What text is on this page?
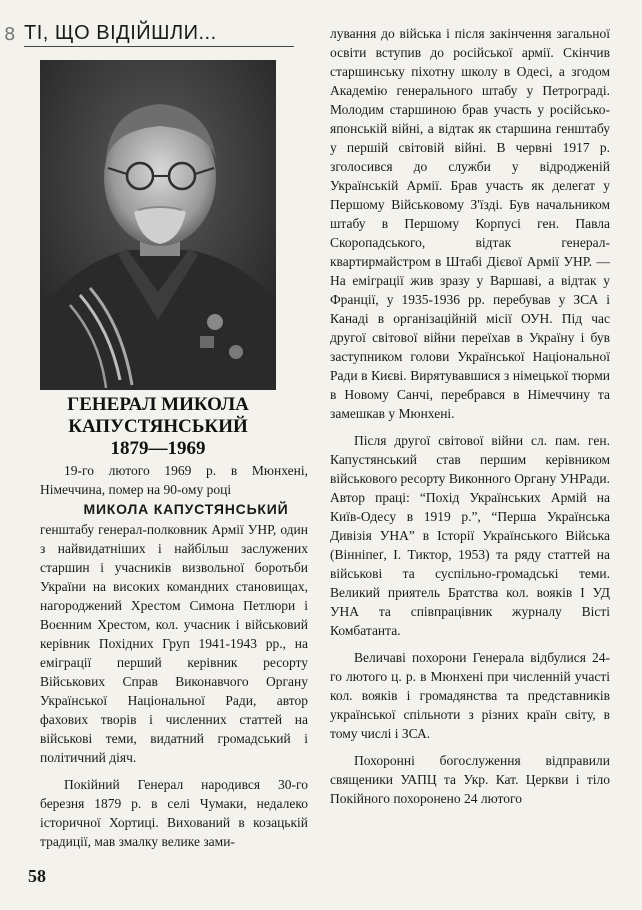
8 ТІ, ЩО ВІДІЙШЛИ...
ГЕНЕРАЛ МИКОЛА
КАПУСТЯНСЬКИЙ
1879—1969

19-го лютого 1969 р. в Мюнхені, Німеччина, помер на 90-ому році
МИКОЛА КАПУСТЯНСЬКИЙ
генштабу генерал-полковник Армії УНР, один з найвидатніших і найбільш заслужених старшин і учасників визвольної боротьби України на високих командних становищах, нагороджений Хрестом Симона Петлюри і Воєнним Хрестом, кол. учасник і військовий керівник Похідних Груп 1941-1943 рр., на еміграції перший керівник ресорту Військових Справ Виконавчого Органу Української Національної Ради, автор фахових творів і численних статтей на військові теми, видатний громадський і політичний діяч.

Покійний Генерал народився 30-го березня 1879 р. в селі Чумаки, недалеко історичної Хортиці. Вихований в козацькій традиції, мав змалку велике зами-

лування до війська і після закінчення загальної освіти вступив до російської армії. Скінчив старшинську піхотну школу в Одесі, а згодом Академію генерального штабу у Петрограді. Молодим старшиною брав участь у російсько-японській війні, а відтак як старшина генштабу у першій світовій війні. В червні 1917 р. зголосився до служби у відродженій Українській Армії. Брав участь як делегат у Першому Військовому З'їзді. Був начальником штабу в Першому Корпусі ген. Павла Скоропадського, відтак генерал-квартирмайстром в Штабі Дієвої Армії УНР. — На еміграції жив зразу у Варшаві, а відтак у Франції, у 1935-1936 рр. перебував у ЗСА і Канаді в організаційній місії ОУН. Під час другої світової війни переїхав в Україну і був заступником голови Української Національної Ради в Києві. Вирятувавшися з німецької тюрми в Новому Санчі, перебрався в Німеччину та замешкав у Мюнхені.

Після другої світової війни сл. пам. ген. Капустянський став першим керівником військового ресорту Виконного Органу УНРади. Автор праці: “Похід Українських Армій на Київ-Одесу в 1919 р.”, “Перша Українська Дивізія УНА” в Історії Українського Війська (Вінніпеґ, І. Тиктор, 1953) та ряду статтей на військові та суспільно-громадські теми. Великий приятель Братства кол. вояків І УД УНА та співпрацівник журналу Вісті Комбатанта.

Величаві похорони Генерала відбулися 24-го лютого ц. р. в Мюнхені при численній участі кол. вояків і громадянства та представників української спільноти з різних країн світу, в тому числі і ЗСА.

Похоронні богослуження відправили священики УАПЦ та Укр. Кат. Церкви і тіло Покійного похоронено 24 лютого

58
